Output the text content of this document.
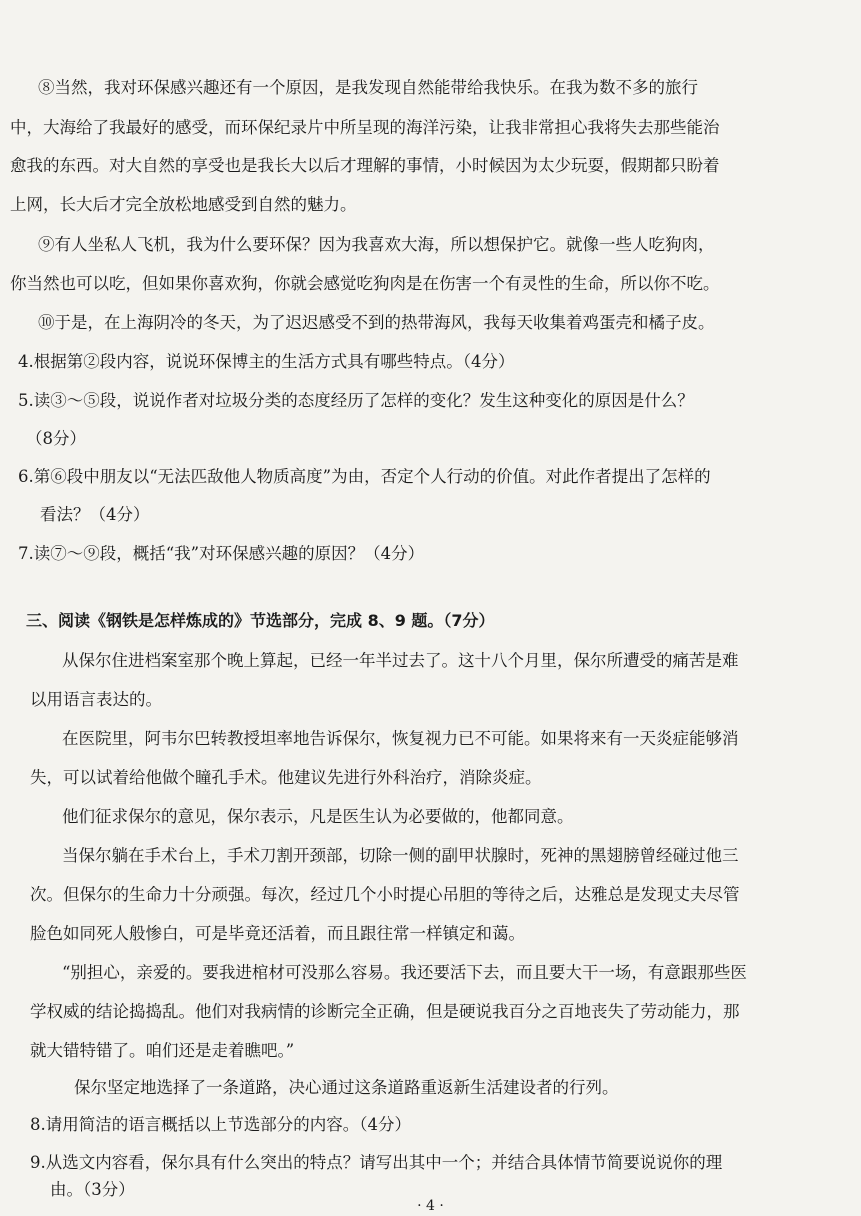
⑧当然，我对环保感兴趣还有一个原因，是我发现自然能带给我快乐。在我为数不多的旅行
中，大海给了我最好的感受，而环保纪录片中所呈现的海洋污染，让我非常担心我将失去那些能治
愈我的东西。对大自然的享受也是我长大以后才理解的事情，小时候因为太少玩耍，假期都只盼着
上网，长大后才完全放松地感受到自然的魅力。
⑨有人坐私人飞机，我为什么要环保？因为我喜欢大海，所以想保护它。就像一些人吃狗肉，
你当然也可以吃，但如果你喜欢狗，你就会感觉吃狗肉是在伤害一个有灵性的生命，所以你不吃。
⑩于是，在上海阴冷的冬天，为了迟迟感受不到的热带海风，我每天收集着鸡蛋壳和橘子皮。
4.根据第②段内容，说说环保博主的生活方式具有哪些特点。（4分）
5.读③～⑤段，说说作者对垃圾分类的态度经历了怎样的变化？发生这种变化的原因是什么？
（8分）
6.第⑥段中朋友以“无法匹敌他人物质高度”为由，否定个人行动的价值。对此作者提出了怎样的
看法？（4分）
7.读⑦～⑨段，概括“我”对环保感兴趣的原因？（4分）
三、阅读《钢铁是怎样炼成的》节选部分，完成 8、9 题。（7分）
从保尔住进档案室那个晚上算起，已经一年半过去了。这十八个月里，保尔所遭受的痛苦是难
以用语言表达的。
在医院里，阿韦尔巴转教授坦率地告诉保尔，恢复视力已不可能。如果将来有一天炎症能够消
失，可以试着给他做个瞳孔手术。他建议先进行外科治疗，消除炎症。
他们征求保尔的意见，保尔表示，凡是医生认为必要做的，他都同意。
当保尔躺在手术台上，手术刀割开颈部，切除一侧的副甲状腺时，死神的黑翅膀曾经碰过他三
次。但保尔的生命力十分顽强。每次，经过几个小时提心吊胆的等待之后，达雅总是发现丈夫尽管
脸色如同死人般惨白，可是毕竟还活着，而且跟往常一样镇定和蔼。
“别担心，亲爱的。要我进棺材可没那么容易。我还要活下去，而且要大干一场，有意跟那些医
学权威的结论捣捣乱。他们对我病情的诊断完全正确，但是硬说我百分之百地丧失了劳动能力，那
就大错特错了。咱们还是走着瞧吧。”
保尔坚定地选择了一条道路，决心通过这条道路重返新生活建设者的行列。
8.请用简洁的语言概括以上节选部分的内容。（4分）
9.从选文内容看，保尔具有什么突出的特点？请写出其中一个；并结合具体情节简要说说你的理
由。（3分）
· 4 ·
